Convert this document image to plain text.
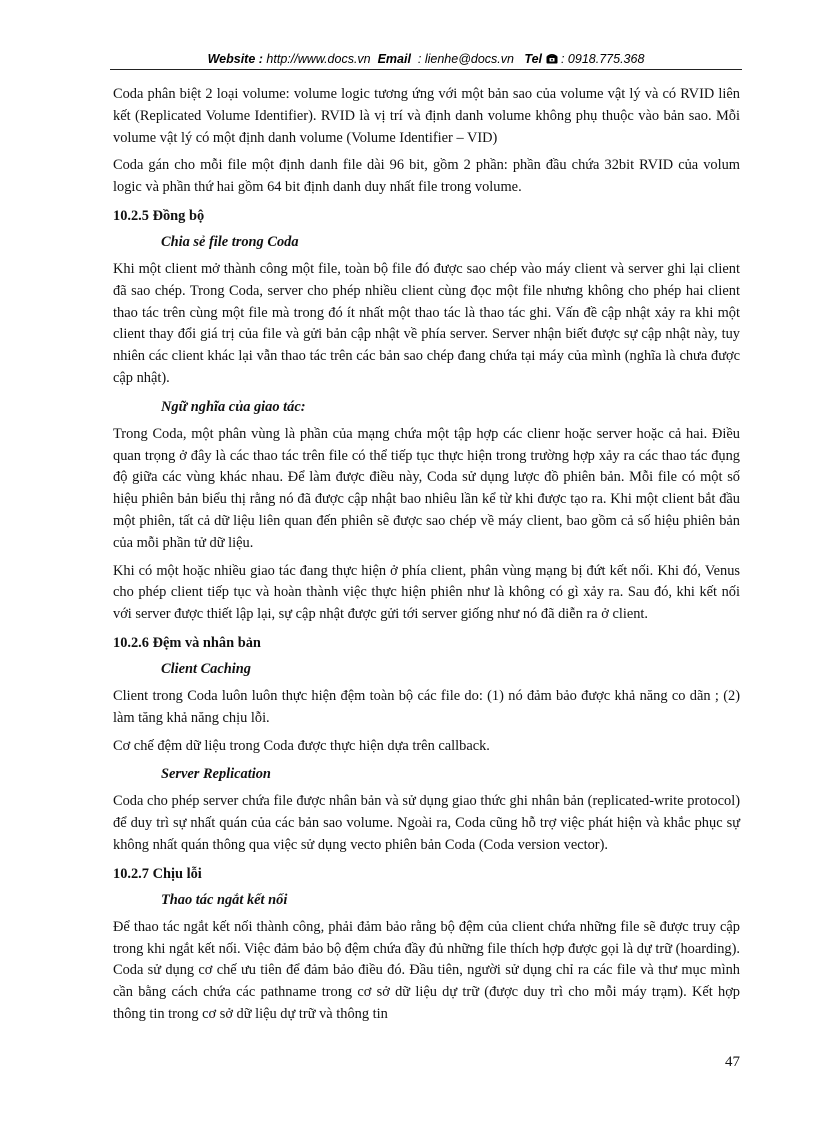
Website : http://www.docs.vn Email : lienhe@docs.vn Tel : 0918.775.368

Coda phân biệt 2 loại volume: volume logic tương ứng với một bản sao của volume vật lý và có RVID liên kết (Replicated Volume Identifier). RVID là vị trí và định danh volume không phụ thuộc vào bản sao. Mỗi volume vật lý có một định danh volume (Volume Identifier – VID)

Coda gán cho mỗi file một định danh file dài 96 bit, gồm 2 phần: phần đầu chứa 32bit RVID của volum logic và phần thứ hai gồm 64 bit định danh duy nhất file trong volume.

10.2.5 Đồng bộ
Chia sẻ file trong Coda

Khi một client mở thành công một file, toàn bộ file đó được sao chép vào máy client và server ghi lại client đã sao chép. Trong Coda, server cho phép nhiều client cùng đọc một file nhưng không cho phép hai client thao tác trên cùng một file mà trong đó ít nhất một thao tác là thao tác ghi. Vấn đề cập nhật xảy ra khi một client thay đổi giá trị của file và gửi bản cập nhật về phía server. Server nhận biết được sự cập nhật này, tuy nhiên các client khác lại vẫn thao tác trên các bản sao chép đang chứa tại máy của mình (nghĩa là chưa được cập nhật).

Ngữ nghĩa của giao tác:

Trong Coda, một phân vùng là phần của mạng chứa một tập hợp các clienr hoặc server hoặc cả hai. Điều quan trọng ở đây là các thao tác trên file có thể tiếp tục thực hiện trong trường hợp xảy ra các thao tác đụng độ giữa các vùng khác nhau. Để làm được điều này, Coda sử dụng lược đồ phiên bản. Mỗi file có một số hiệu phiên bản biểu thị rằng nó đã được cập nhật bao nhiêu lần kể từ khi được tạo ra. Khi một client bắt đầu một phiên, tất cả dữ liệu liên quan đến phiên sẽ được sao chép về máy client, bao gồm cả số hiệu phiên bản của mỗi phần tử dữ liệu.

Khi có một hoặc nhiều giao tác đang thực hiện ở phía client, phân vùng mạng bị đứt kết nối. Khi đó, Venus cho phép client tiếp tục và hoàn thành việc thực hiện phiên như là không có gì xảy ra. Sau đó, khi kết nối với server được thiết lập lại, sự cập nhật được gửi tới server giống như nó đã diễn ra ở client.

10.2.6 Đệm và nhân bản
Client Caching

Client trong Coda luôn luôn thực hiện đệm toàn bộ các file do: (1) nó đảm bảo được khả năng co dãn ; (2) làm tăng khả năng chịu lỗi.

Cơ chế đệm dữ liệu trong Coda được thực hiện dựa trên callback.

Server Replication

Coda cho phép server chứa file được nhân bản và sử dụng giao thức ghi nhân bản (replicated-write protocol) để duy trì sự nhất quán của các bản sao volume. Ngoài ra, Coda cũng hỗ trợ việc phát hiện và khắc phục sự không nhất quán thông qua việc sử dụng vecto phiên bản Coda (Coda version vector).

10.2.7 Chịu lỗi
Thao tác ngắt kết nối

Để thao tác ngắt kết nối thành công, phải đảm bảo rằng bộ đệm của client chứa những file sẽ được truy cập trong khi ngắt kết nối. Việc đảm bảo bộ đệm chứa đầy đủ những file thích hợp được gọi là dự trữ (hoarding). Coda sử dụng cơ chế ưu tiên để đảm bảo điều đó. Đầu tiên, người sử dụng chỉ ra các file và thư mục mình cần bằng cách chứa các pathname trong cơ sở dữ liệu dự trữ (được duy trì cho mỗi máy trạm). Kết hợp thông tin trong cơ sở dữ liệu dự trữ và thông tin

47
